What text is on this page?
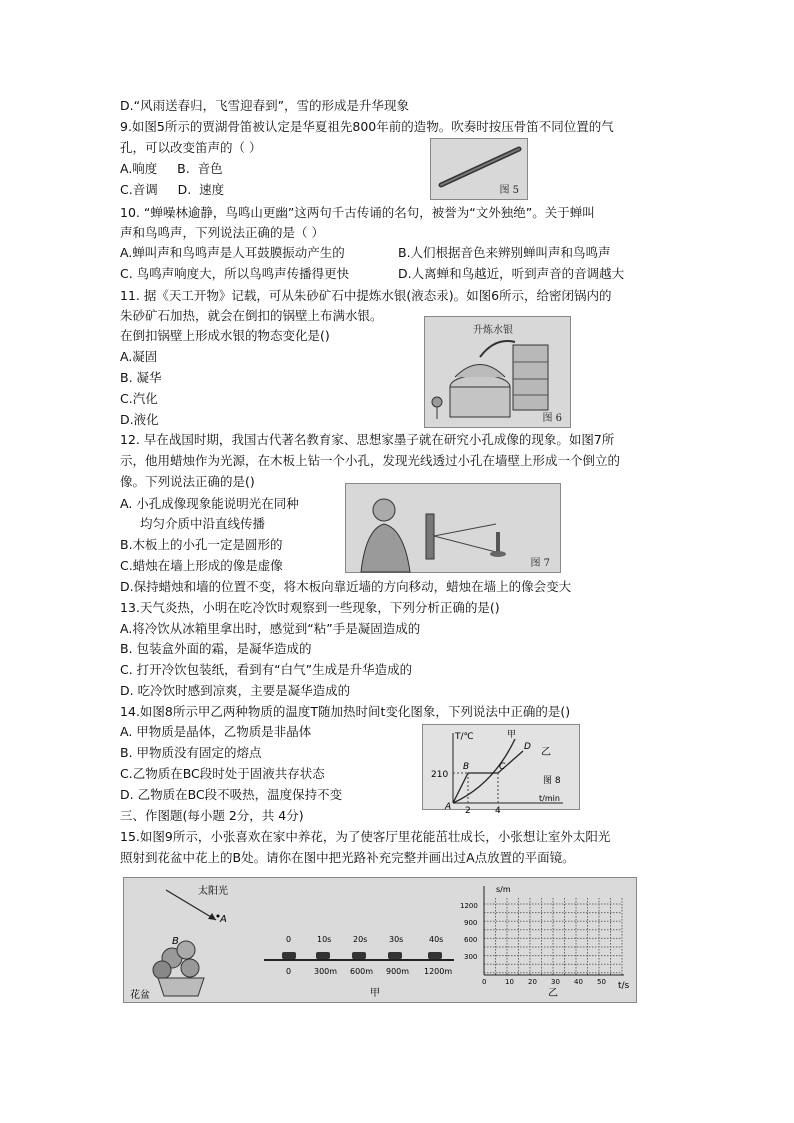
D.“风雨送春归，飞雪迎春到”，雪的形成是升华现象
9.如图5所示的贾湖骨笛被认定是华夏祖先800年前的造物。吹奏时按压骨笛不同位置的气
孔，可以改变笛声的（ ）
A.响度     B.  音色
C.音调     D.  速度	图 5
10. “蝉噪林逾静，鸟鸣山更幽”这两句千古传诵的名句，被誉为“文外独绝”。关于蝉叫
声和鸟鸣声，下列说法正确的是（ ）
A.蝉叫声和鸟鸣声是人耳鼓膜振动产生的	B.人们根据音色来辨别蝉叫声和鸟鸣声
C. 鸟鸣声响度大，所以鸟鸣声传播得更快	D.人离蝉和鸟越近，听到声音的音调越大
11. 据《天工开物》记载，可从朱砂矿石中提炼水银(液态汞)。如图6所示，给密闭锅内的
朱砂矿石加热，就会在倒扣的锅壁上布满水银。
在倒扣锅壁上形成水银的物态变化是()
A.凝固
B. 凝华
C.汽化
D.液化
升炼水银
图 6
12. 早在战国时期，我国古代著名教育家、思想家墨子就在研究小孔成像的现象。如图7所
示，他用蜡烛作为光源，在木板上钻一个小孔，发现光线透过小孔在墙壁上形成一个倒立的
像。下列说法正确的是()
A. 小孔成像现象能说明光在同种
均匀介质中沿直线传播
B.木板上的小孔一定是圆形的
C.蜡烛在墙上形成的像是虚像
D.保持蜡烛和墙的位置不变，将木板向靠近墙的方向移动，蜡烛在墙上的像会变大
图 7
13.天气炎热，小明在吃冷饮时观察到一些现象，下列分析正确的是()
A.将冷饮从冰箱里拿出时，感觉到“粘”手是凝固造成的
B. 包装盒外面的霜，是凝华造成的
C. 打开冷饮包装纸，看到有“白气”生成是升华造成的
D. 吃冷饮时感到凉爽，主要是凝华造成的
14.如图8所示甲乙两种物质的温度T随加热时间t变化图象，下列说法中正确的是()
A. 甲物质是晶体，乙物质是非晶体
B. 甲物质没有固定的熔点
C.乙物质在BC段时处于固液共存状态
D. 乙物质在BC段不吸热，温度保持不变
T/℃
t/min
210
2	4
A
B	C
D
甲
乙
图 8
三、作图题(每小题 2分，共 4分)
15.如图9所示，小张喜欢在家中养花，为了使客厅里花能茁壮成长，小张想让室外太阳光
照射到花盆中花上的B处。请你在图中把光路补充完整并画出过A点放置的平面镜。
太阳光
A
B
花盆
0	10s	20s	30s	40s
0	300m 600m 900m 1200m
甲
s/m
t/s
1200
900
600
300
0	10 20 30 40 50
乙
